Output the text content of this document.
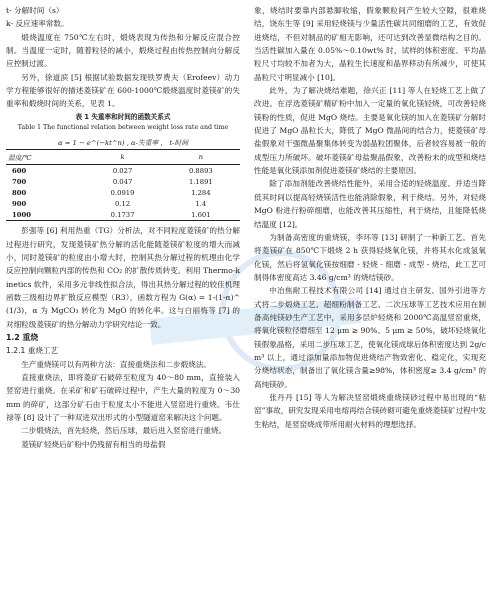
t- 分解时间（s）

k- 反应速率常数。

煅烧温度在 750℃左右时，煅烧表现为传热和分解反应混合控制。当温度一定时，随着粒径的减小，煅烧过程由传热控制向分解反应控制过渡。

另外，徐道滨 [5] 根据试验数据发现铁罗费夫（Erofeev）动力学方程能够很好的描述菱镁矿在 600-1000℃煅烧温度时菱镁矿的失重率和煅烧时间的关系，见表 1。

表 1 失重率和时间的函数关系式

Table 1 The functional relation between weight loss rate and time

α = 1 − e^(−kt^n) , α-失重率 ， t-时间		
温度/℃	k	n
600	0.027	0.8893
700	0.047	1.1891
800	0.0919	1.284
900	0.12	1.4
1000	0.1737	1.601

彭强等 [6] 利用热重（TG）分析法，对不同粒度菱镁矿的热分解过程进行研究，发现菱镁矿热分解的活化能随菱镁矿粒度的增大而减小，同时菱镁矿的粒度由小增大时，控制其热分解过程的机理由化学反应控制向颗粒内部的传热和 CO₂ 的扩散传质转变。利用 Thermo-kinetics 软件，采用多元非线性拟合法，得出其热分解过程的较佳机理函数三级相边界扩散反应模型（R3），函数方程为 G(α) = 1-(1-α)^(1/3)，α 为 MgCO₃ 转化为 MgO 的转化率。这与白丽梅等 [7] 的对细粒级菱镁矿的热分解动力学研究结论一致。

1.2 重烧

1.2.1 重烧工艺

生产重烧镁可以有两种方法：直接重烧法和二步煅烧法。

直接重烧法，即将菱矿石破碎至粒度为 40～80 mm，直接装入竖窑进行重烧。在采矿和矿石破碎过程中，产生大量的粒度为 0～30 mm 的碎矿，这部分矿石由于粒度太小不能进入竖窑进行重烧。韦仕禄等 [8] 设计了一种双进双出形式的小型隧道窑来解决这个问题。

二步煅烧法，首先轻烧，然后压球，最后进入竖窑进行重烧。

菱镁矿轻烧后矿粉中仍残留有相当的母盐假

象，烧结时要靠内部悬脚收缩，假象颗粒间产生较大空隙，很难烧结，饶东生等 [9] 采用轻烧镁与少量活性碳共同细磨的工艺，有效促进烧结，不但对制品的矿相无影响，还可达到改善显微结构之目的。当活性碳加入量在 0.05%～0.10wt% 时，试样的体积密度、平均晶粒尺寸均较不加者为大，晶粒生长速度和晶界移动有所减少，可使其晶粒尺寸明显减小 [10]。

此外，为了解决烧结难题，徐兴正 [11] 等人在轻烧工艺上做了改进。在浮选菱镁矿精矿粉中加入一定量的氧化镁轻烧，可改善轻烧镁粉的性质，促进 MgO 烧结。主要是氧化镁的加入在菱镁矿分解时促进了 MgO 晶粒长大，降低了 MgO 微晶间的结合力，使菱镁矿母盐假象对干强微晶聚集体转变为弱晶粒团聚体，后者较容易被一般的成型压力所破坏。破坏菱镁矿母盐聚晶假象，改善粉末的成型和烧结性能是氧化镁添加剂促进菱镁矿烧结的主要原因。

除了添加剂能改善烧结性能外，采用合适的轻烧温度、并适当降低其时间以提高轻烧镁活性也能消除假象，利于烧结。另外，对轻烧 MgO 粉进行粉碎细磨，也能改善其压缩性，利于烧结，且能降低烧结温度 [12]。

为制备高密度的重烧镁，李环等 [13] 研制了一种新工艺。首先将菱镁矿在 850℃下煅烧 2 h 获得轻烧氧化镁，并将其水化成氢氧化镁，然后将氢氧化镁按细磨 - 轻烧 - 细磨 - 成型 - 烧结，此工艺可制得体密度高达 3.46 g/cm³ 的烧结镁砂。

中冶焦耐工程技术有限公司 [14] 通过自主研发、国外引进等方式将二步煅烧工艺、超细粉制备工艺、二次压球等工艺技术应用在制备高纯镁砂生产工艺中，采用多层炉轻烧和 2000℃高温竖窑重烧，将氧化镁粒径磨细至 12 μm ≥ 90%、5 μm ≥ 50%，破坏轻烧氧化镁假象晶格，采用二步压球工艺，使氧化镁成球后体积密度达到 2g/cm³ 以上，通过添加量添加物促进烧结产物致密化、稳定化，实现充分烧结状态，制备出了氧化镁含量≥98%，体积密度≥ 3.4 g/cm³ 的高纯镁砂。

张丹丹 [15] 等人为解决竖窑煅烧重烧镁砂过程中易出现的“粘窑”事故，研究发现采用电熔再结合镁砖砌可避免重烧菱镁矿过程中发生粘结，是竖窑烧成带所用耐火材料的理想选择。
